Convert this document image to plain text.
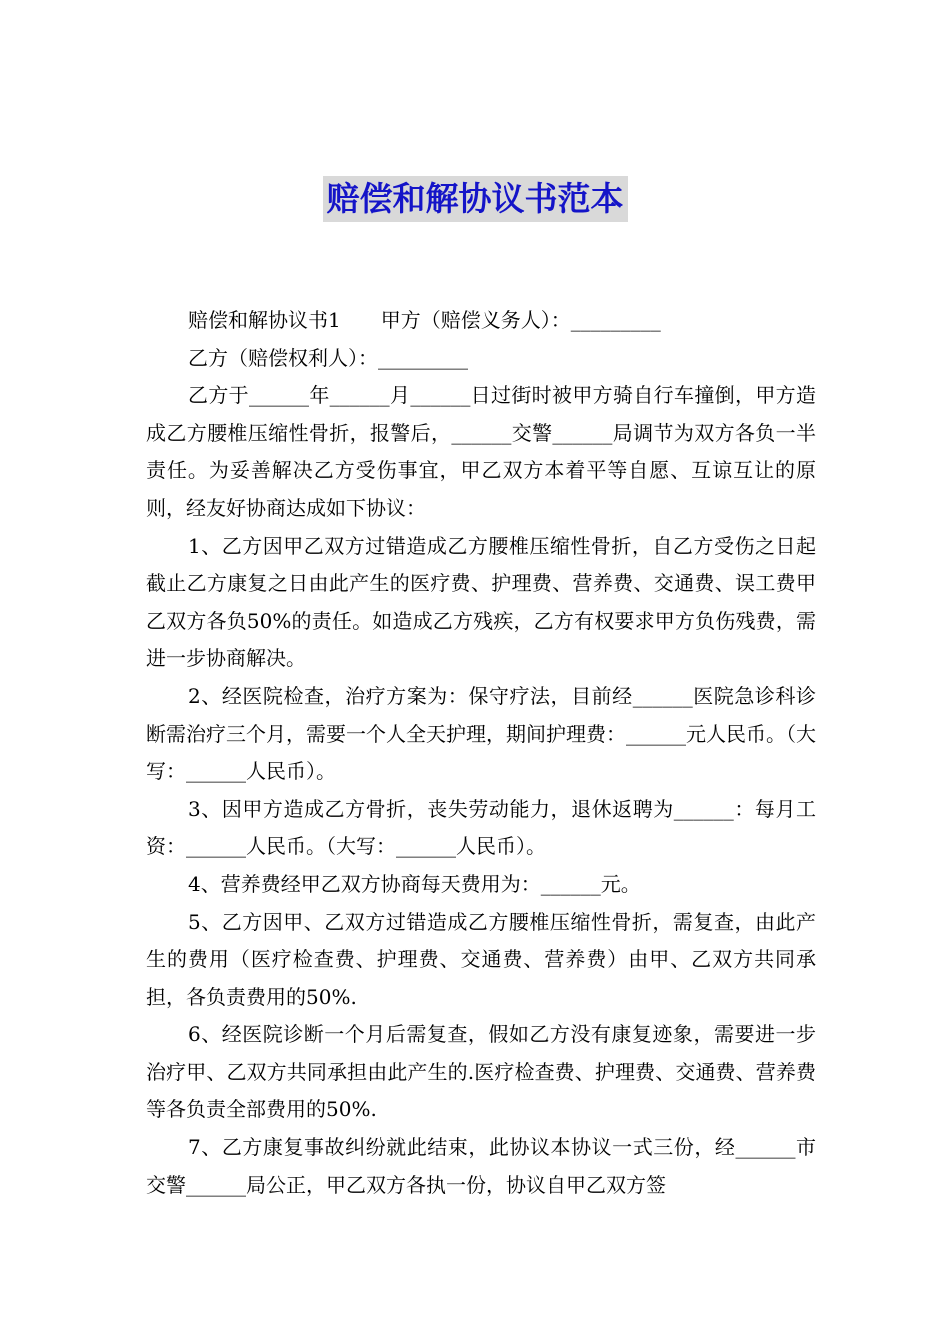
赔偿和解协议书范本

赔偿和解协议书1　　甲方（赔偿义务人）：_________

乙方（赔偿权利人）：_________

乙方于______年______月______日过街时被甲方骑自行车撞倒，甲方造成乙方腰椎压缩性骨折，报警后，______交警______局调节为双方各负一半责任。为妥善解决乙方受伤事宜，甲乙双方本着平等自愿、互谅互让的原则，经友好协商达成如下协议：

1、乙方因甲乙双方过错造成乙方腰椎压缩性骨折，自乙方受伤之日起截止乙方康复之日由此产生的医疗费、护理费、营养费、交通费、误工费甲乙双方各负50%的责任。如造成乙方残疾，乙方有权要求甲方负伤残费，需进一步协商解决。

2、经医院检查，治疗方案为：保守疗法，目前经______医院急诊科诊断需治疗三个月，需要一个人全天护理，期间护理费：______元人民币。（大写：______人民币）。

3、因甲方造成乙方骨折，丧失劳动能力，退休返聘为______：每月工资：______人民币。（大写：______人民币）。

4、营养费经甲乙双方协商每天费用为：______元。

5、乙方因甲、乙双方过错造成乙方腰椎压缩性骨折，需复查，由此产生的费用（医疗检查费、护理费、交通费、营养费）由甲、乙双方共同承担，各负责费用的50%.

6、经医院诊断一个月后需复查，假如乙方没有康复迹象，需要进一步治疗甲、乙双方共同承担由此产生的.医疗检查费、护理费、交通费、营养费等各负责全部费用的50%.

7、乙方康复事故纠纷就此结束，此协议本协议一式三份，经______市交警______局公正，甲乙双方各执一份，协议自甲乙双方签
